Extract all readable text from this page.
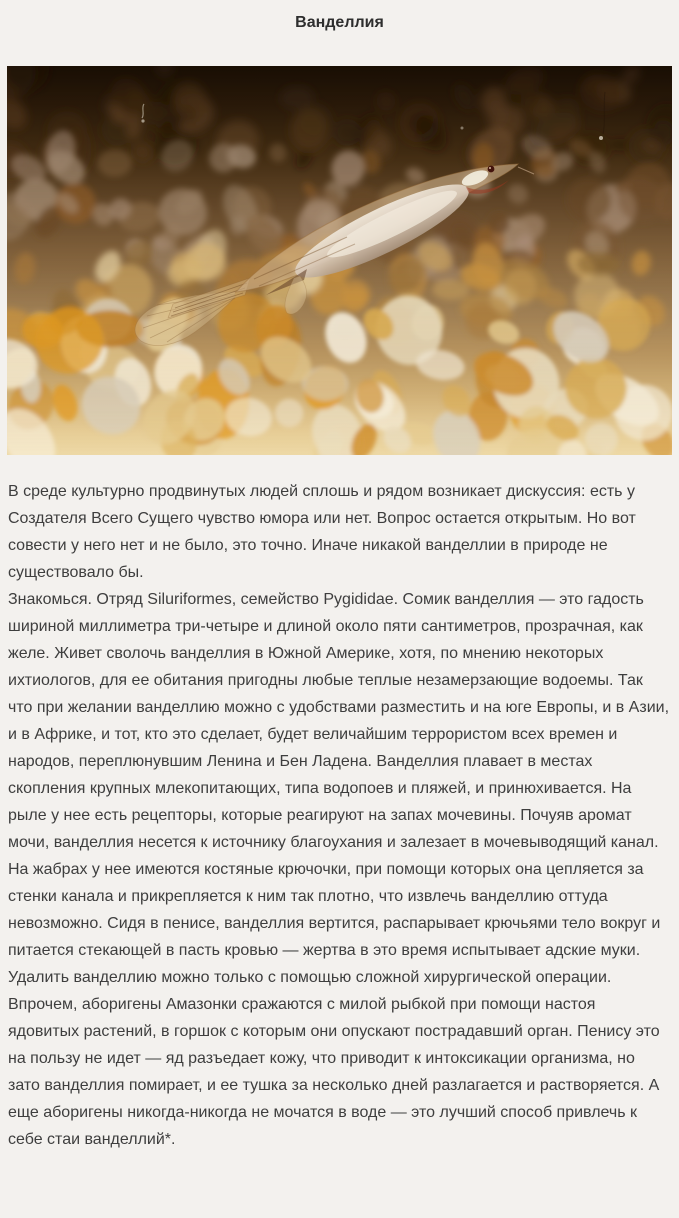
Ванделлия

В среде культурно продвинутых людей сплошь и рядом возникает дискуссия: есть у Создателя Всего Сущего чувство юмора или нет. Вопрос остается открытым. Но вот совести у него нет и не было, это точно. Иначе никакой ванделлии в природе не существовало бы.

Знакомься. Отряд Siluriformes, семейство Pygididae. Сомик ванделлия — это гадость шириной миллиметра три-четыре и длиной около пяти сантиметров, прозрачная, как желе. Живет сволочь ванделлия в Южной Америке, хотя, по мнению некоторых ихтиологов, для ее обитания пригодны любые теплые незамерзающие водоемы. Так что при желании ванделлию можно с удобствами разместить и на юге Европы, и в Азии, и в Африке, и тот, кто это сделает, будет величайшим террористом всех времен и народов, переплюнувшим Ленина и Бен Ладена. Ванделлия плавает в местах скопления крупных млекопитающих, типа водопоев и пляжей, и принюхивается. На рыле у нее есть рецепторы, которые реагируют на запах мочевины. Почуяв аромат мочи, ванделлия несется к источнику благоухания и залезает в мочевыводящий канал. На жабрах у нее имеются костяные крючочки, при помощи которых она цепляется за стенки канала и прикрепляется к ним так плотно, что извлечь ванделлию оттуда невозможно. Сидя в пенисе, ванделлия вертится, распарывает крючьями тело вокруг и питается стекающей в пасть кровью — жертва в это время испытывает адские муки. Удалить ванделлию можно только с помощью сложной хирургической операции. Впрочем, аборигены Амазонки сражаются с милой рыбкой при помощи настоя ядовитых растений, в горшок с которым они опускают пострадавший орган. Пенису это на пользу не идет — яд разъедает кожу, что приводит к интоксикации организма, но зато ванделлия помирает, и ее тушка за несколько дней разлагается и растворяется. А еще аборигены никогда-никогда не мочатся в воде — это лучший способ привлечь к себе стаи ванделлий*.
